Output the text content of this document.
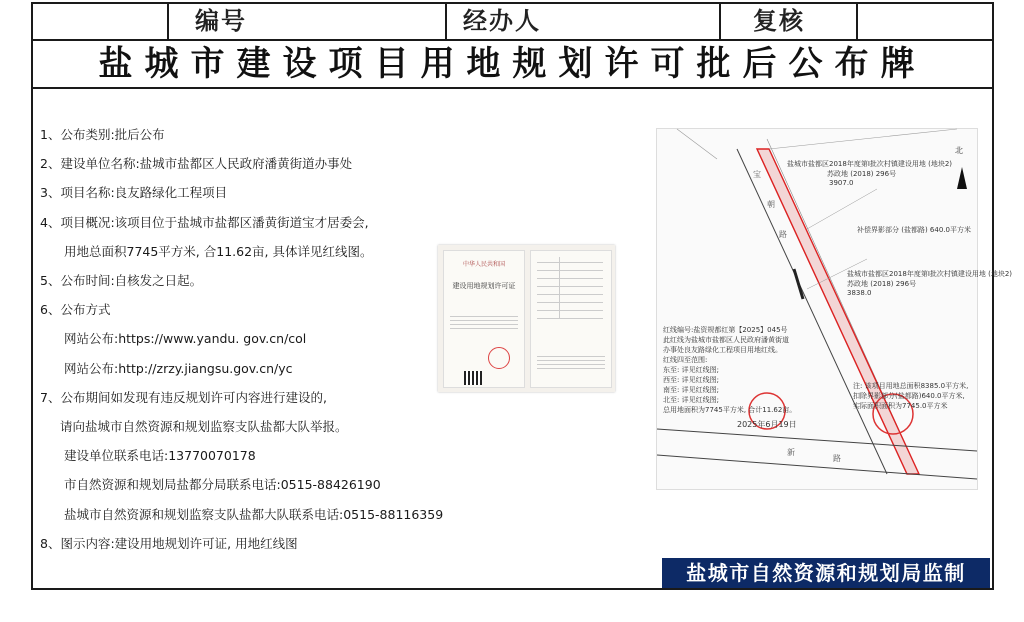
编号	经办人	复核
盐城市建设项目用地规划许可批后公布牌
1、公布类别:批后公布
2、建设单位名称:盐城市盐都区人民政府潘黄街道办事处
3、项目名称:良友路绿化工程项目
4、项目概况:该项目位于盐城市盐都区潘黄街道宝才居委会,
用地总面积7745平方米, 合11.62亩, 具体详见红线图。
5、公布时间:自核发之日起。
6、公布方式
网站公布:https://www.yandu. gov.cn/col
网站公布:http://zrzy.jiangsu.gov.cn/yc
7、公布期间如发现有违反规划许可内容进行建设的,
请向盐城市自然资源和规划监察支队盐都大队举报。
建设单位联系电话:13770070178
市自然资源和规划局盐都分局联系电话:0515-88426190
盐城市自然资源和规划监察支队盐都大队联系电话:0515-88116359
8、图示内容:建设用地规划许可证, 用地红线图
中华人民共和国
建设用地规划许可证
北
盐城市盐都区2018年度第Ⅰ批次村镇建设用地 (地块2)
苏政地 (2018) 296号
3907.0
补偿界影部分 (盐都路) 640.0平方米
盐城市盐都区2018年度第Ⅰ批次村镇建设用地 (地块2)
苏政地 (2018) 296号
3838.0
红线编号:盐资规都红第【2025】045号
此红线为盐城市盐都区人民政府潘黄街道
办事处良友路绿化工程项目用地红线。
红线四至范围:
东至: 详见红线图;
西至: 详见红线图;
南至: 详见红线图;
北至: 详见红线图;
总用地面积为7745平方米, 合计11.62亩。
注: 该项目用地总面积8385.0平方米,
扣除界影部分(盐都路)640.0平方米,
实际面积面积为7745.0平方米
2025年6月19日
宝
朝
路
新
路
盐城市自然资源和规划局监制
